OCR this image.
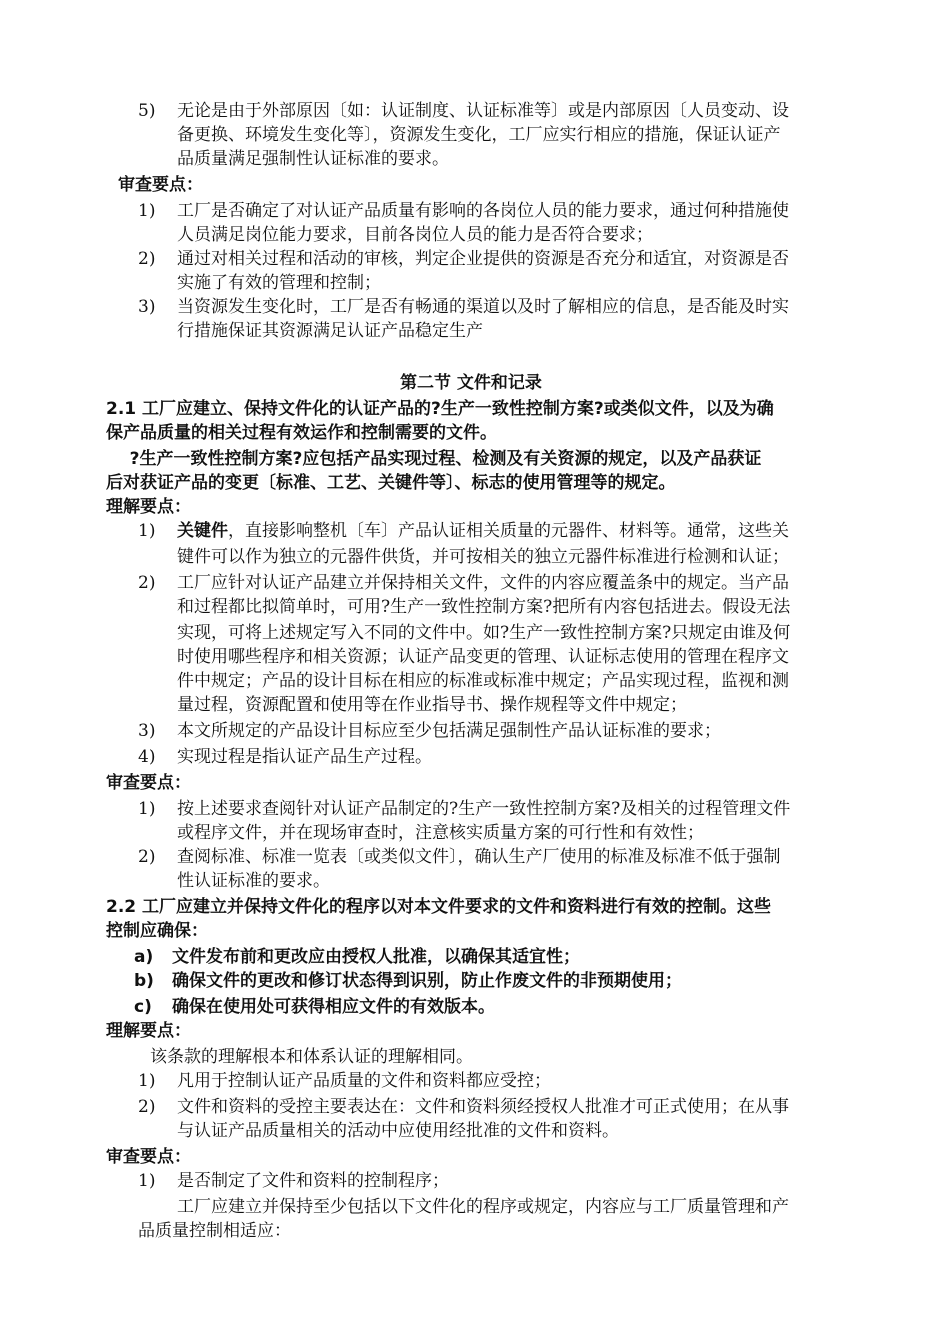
5) 无论是由于外部原因〔如：认证制度、认证标准等〕或是内部原因〔人员变动、设
备更换、环境发生变化等〕，资源发生变化，工厂应实行相应的措施，保证认证产
品质量满足强制性认证标准的要求。
审查要点：
1) 工厂是否确定了对认证产品质量有影响的各岗位人员的能力要求，通过何种措施使
人员满足岗位能力要求，目前各岗位人员的能力是否符合要求；
2) 通过对相关过程和活动的审核，判定企业提供的资源是否充分和适宜，对资源是否
实施了有效的管理和控制；
3) 当资源发生变化时，工厂是否有畅通的渠道以及时了解相应的信息，是否能及时实
行措施保证其资源满足认证产品稳定生产
第二节 文件和记录
2.1 工厂应建立、保持文件化的认证产品的?生产一致性控制方案?或类似文件，以及为确
保产品质量的相关过程有效运作和控制需要的文件。
?生产一致性控制方案?应包括产品实现过程、检测及有关资源的规定，以及产品获证
后对获证产品的变更〔标准、工艺、关键件等〕、标志的使用管理等的规定。
理解要点：
1) 关键件，直接影响整机〔车〕产品认证相关质量的元器件、材料等。通常，这些关
键件可以作为独立的元器件供货，并可按相关的独立元器件标准进行检测和认证；
2) 工厂应针对认证产品建立并保持相关文件，文件的内容应覆盖条中的规定。当产品
和过程都比拟简单时，可用?生产一致性控制方案?把所有内容包括进去。假设无法
实现，可将上述规定写入不同的文件中。如?生产一致性控制方案?只规定由谁及何
时使用哪些程序和相关资源；认证产品变更的管理、认证标志使用的管理在程序文
件中规定；产品的设计目标在相应的标准或标准中规定；产品实现过程，监视和测
量过程，资源配置和使用等在作业指导书、操作规程等文件中规定；
3) 本文所规定的产品设计目标应至少包括满足强制性产品认证标准的要求；
4) 实现过程是指认证产品生产过程。
审查要点：
1) 按上述要求查阅针对认证产品制定的?生产一致性控制方案?及相关的过程管理文件
或程序文件，并在现场审查时，注意核实质量方案的可行性和有效性；
2) 查阅标准、标准一览表〔或类似文件〕，确认生产厂使用的标准及标准不低于强制
性认证标准的要求。
2.2 工厂应建立并保持文件化的程序以对本文件要求的文件和资料进行有效的控制。这些
控制应确保：
a) 文件发布前和更改应由授权人批准，以确保其适宜性；
b) 确保文件的更改和修订状态得到识别，防止作废文件的非预期使用；
c) 确保在使用处可获得相应文件的有效版本。
理解要点：
该条款的理解根本和体系认证的理解相同。
1) 凡用于控制认证产品质量的文件和资料都应受控；
2) 文件和资料的受控主要表达在：文件和资料须经授权人批准才可正式使用；在从事
与认证产品质量相关的活动中应使用经批准的文件和资料。
审查要点：
1) 是否制定了文件和资料的控制程序；
工厂应建立并保持至少包括以下文件化的程序或规定，内容应与工厂质量管理和产
品质量控制相适应：
